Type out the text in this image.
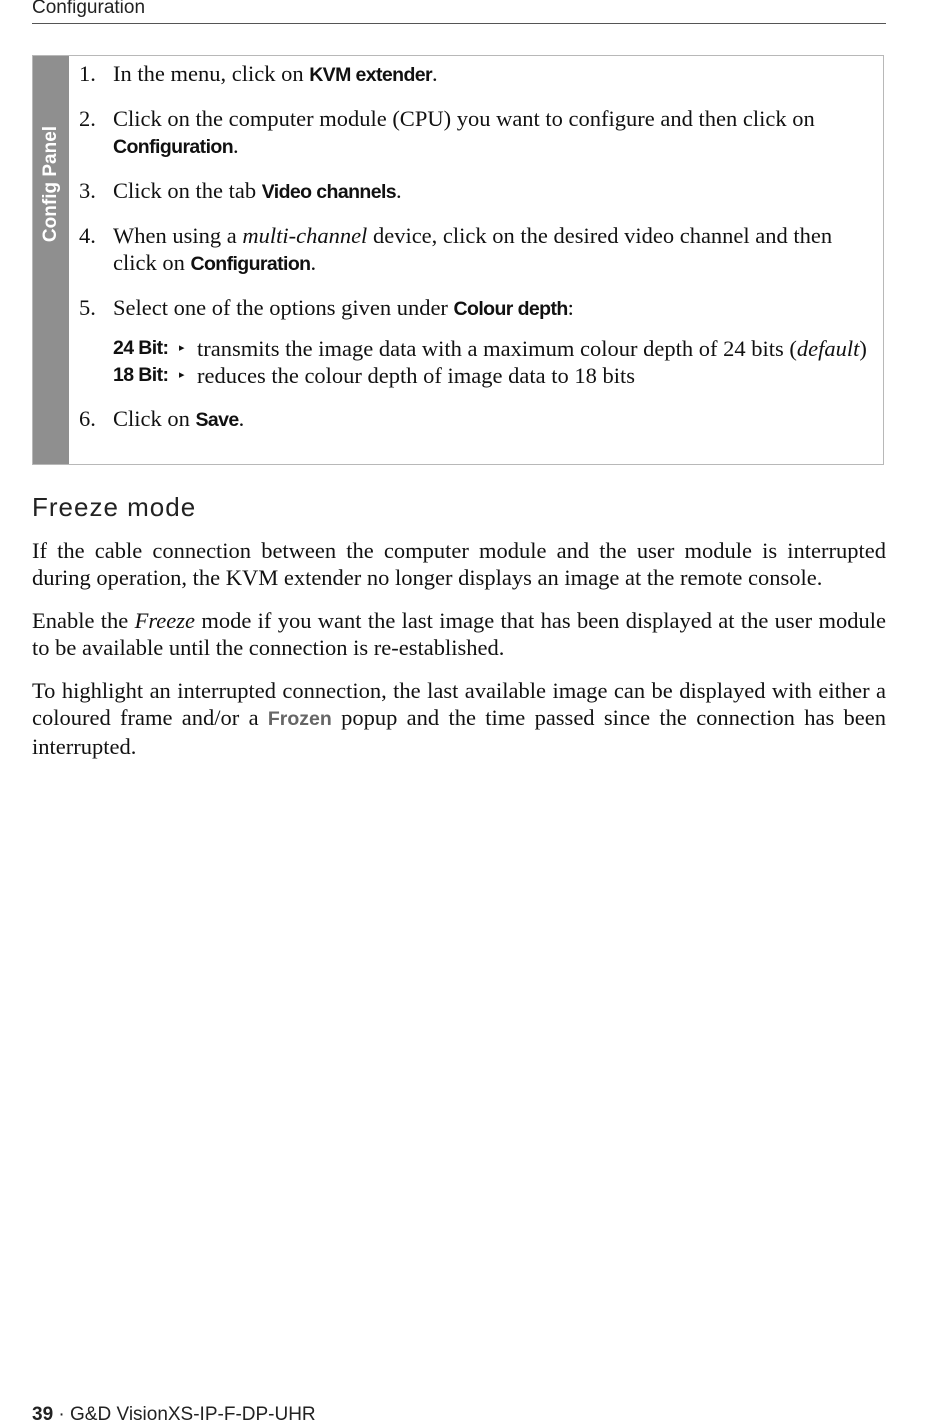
Configuration
Config Panel
1. In the menu, click on KVM extender.
2. Click on the computer module (CPU) you want to configure and then click on Configuration.
3. Click on the tab Video channels.
4. When using a multi-channel device, click on the desired video channel and then click on Configuration.
5. Select one of the options given under Colour depth:
24 Bit: ▸ transmits the image data with a maximum colour depth of 24 bits (default)
18 Bit: ▸ reduces the colour depth of image data to 18 bits
6. Click on Save.
Freeze mode

If the cable connection between the computer module and the user module is interrupted during operation, the KVM extender no longer displays an image at the remote console.

Enable the Freeze mode if you want the last image that has been displayed at the user module to be available until the connection is re-established.

To highlight an interrupted connection, the last available image can be displayed with either a coloured frame and/or a Frozen popup and the time passed since the connection has been interrupted.

39 · G&D VisionXS-IP-F-DP-UHR
